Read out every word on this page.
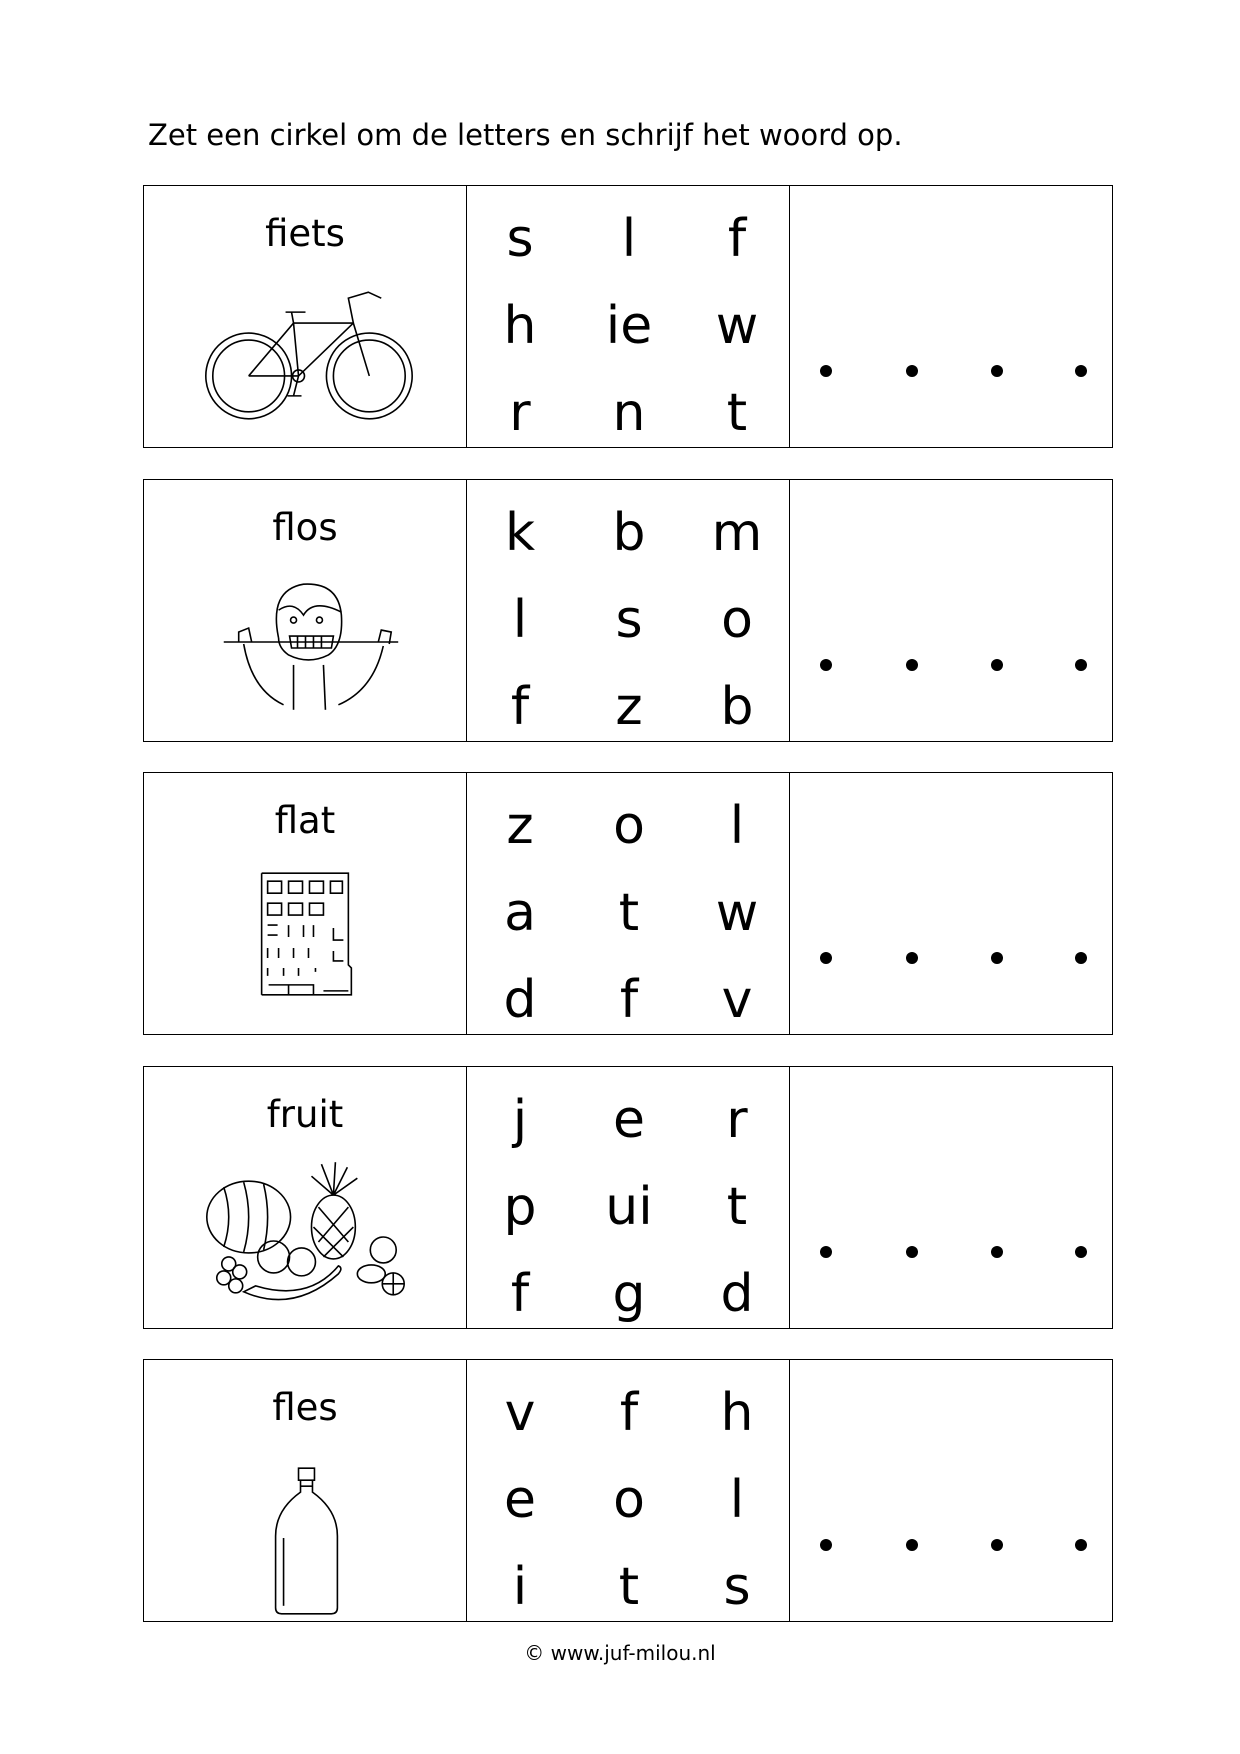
Zet een cirkel om de letters en schrijf het woord op.
fiets	s	l	f
h	ie	w
r	n	t
flos	k	b	m
l	s	o
f	z	b
flat	z	o	l
a	t	w
d	f	v
fruit	j	e	r
p	ui	t
f	g	d
fles	v	f	h
e	o	l
i	t	s
© www.juf-milou.nl
